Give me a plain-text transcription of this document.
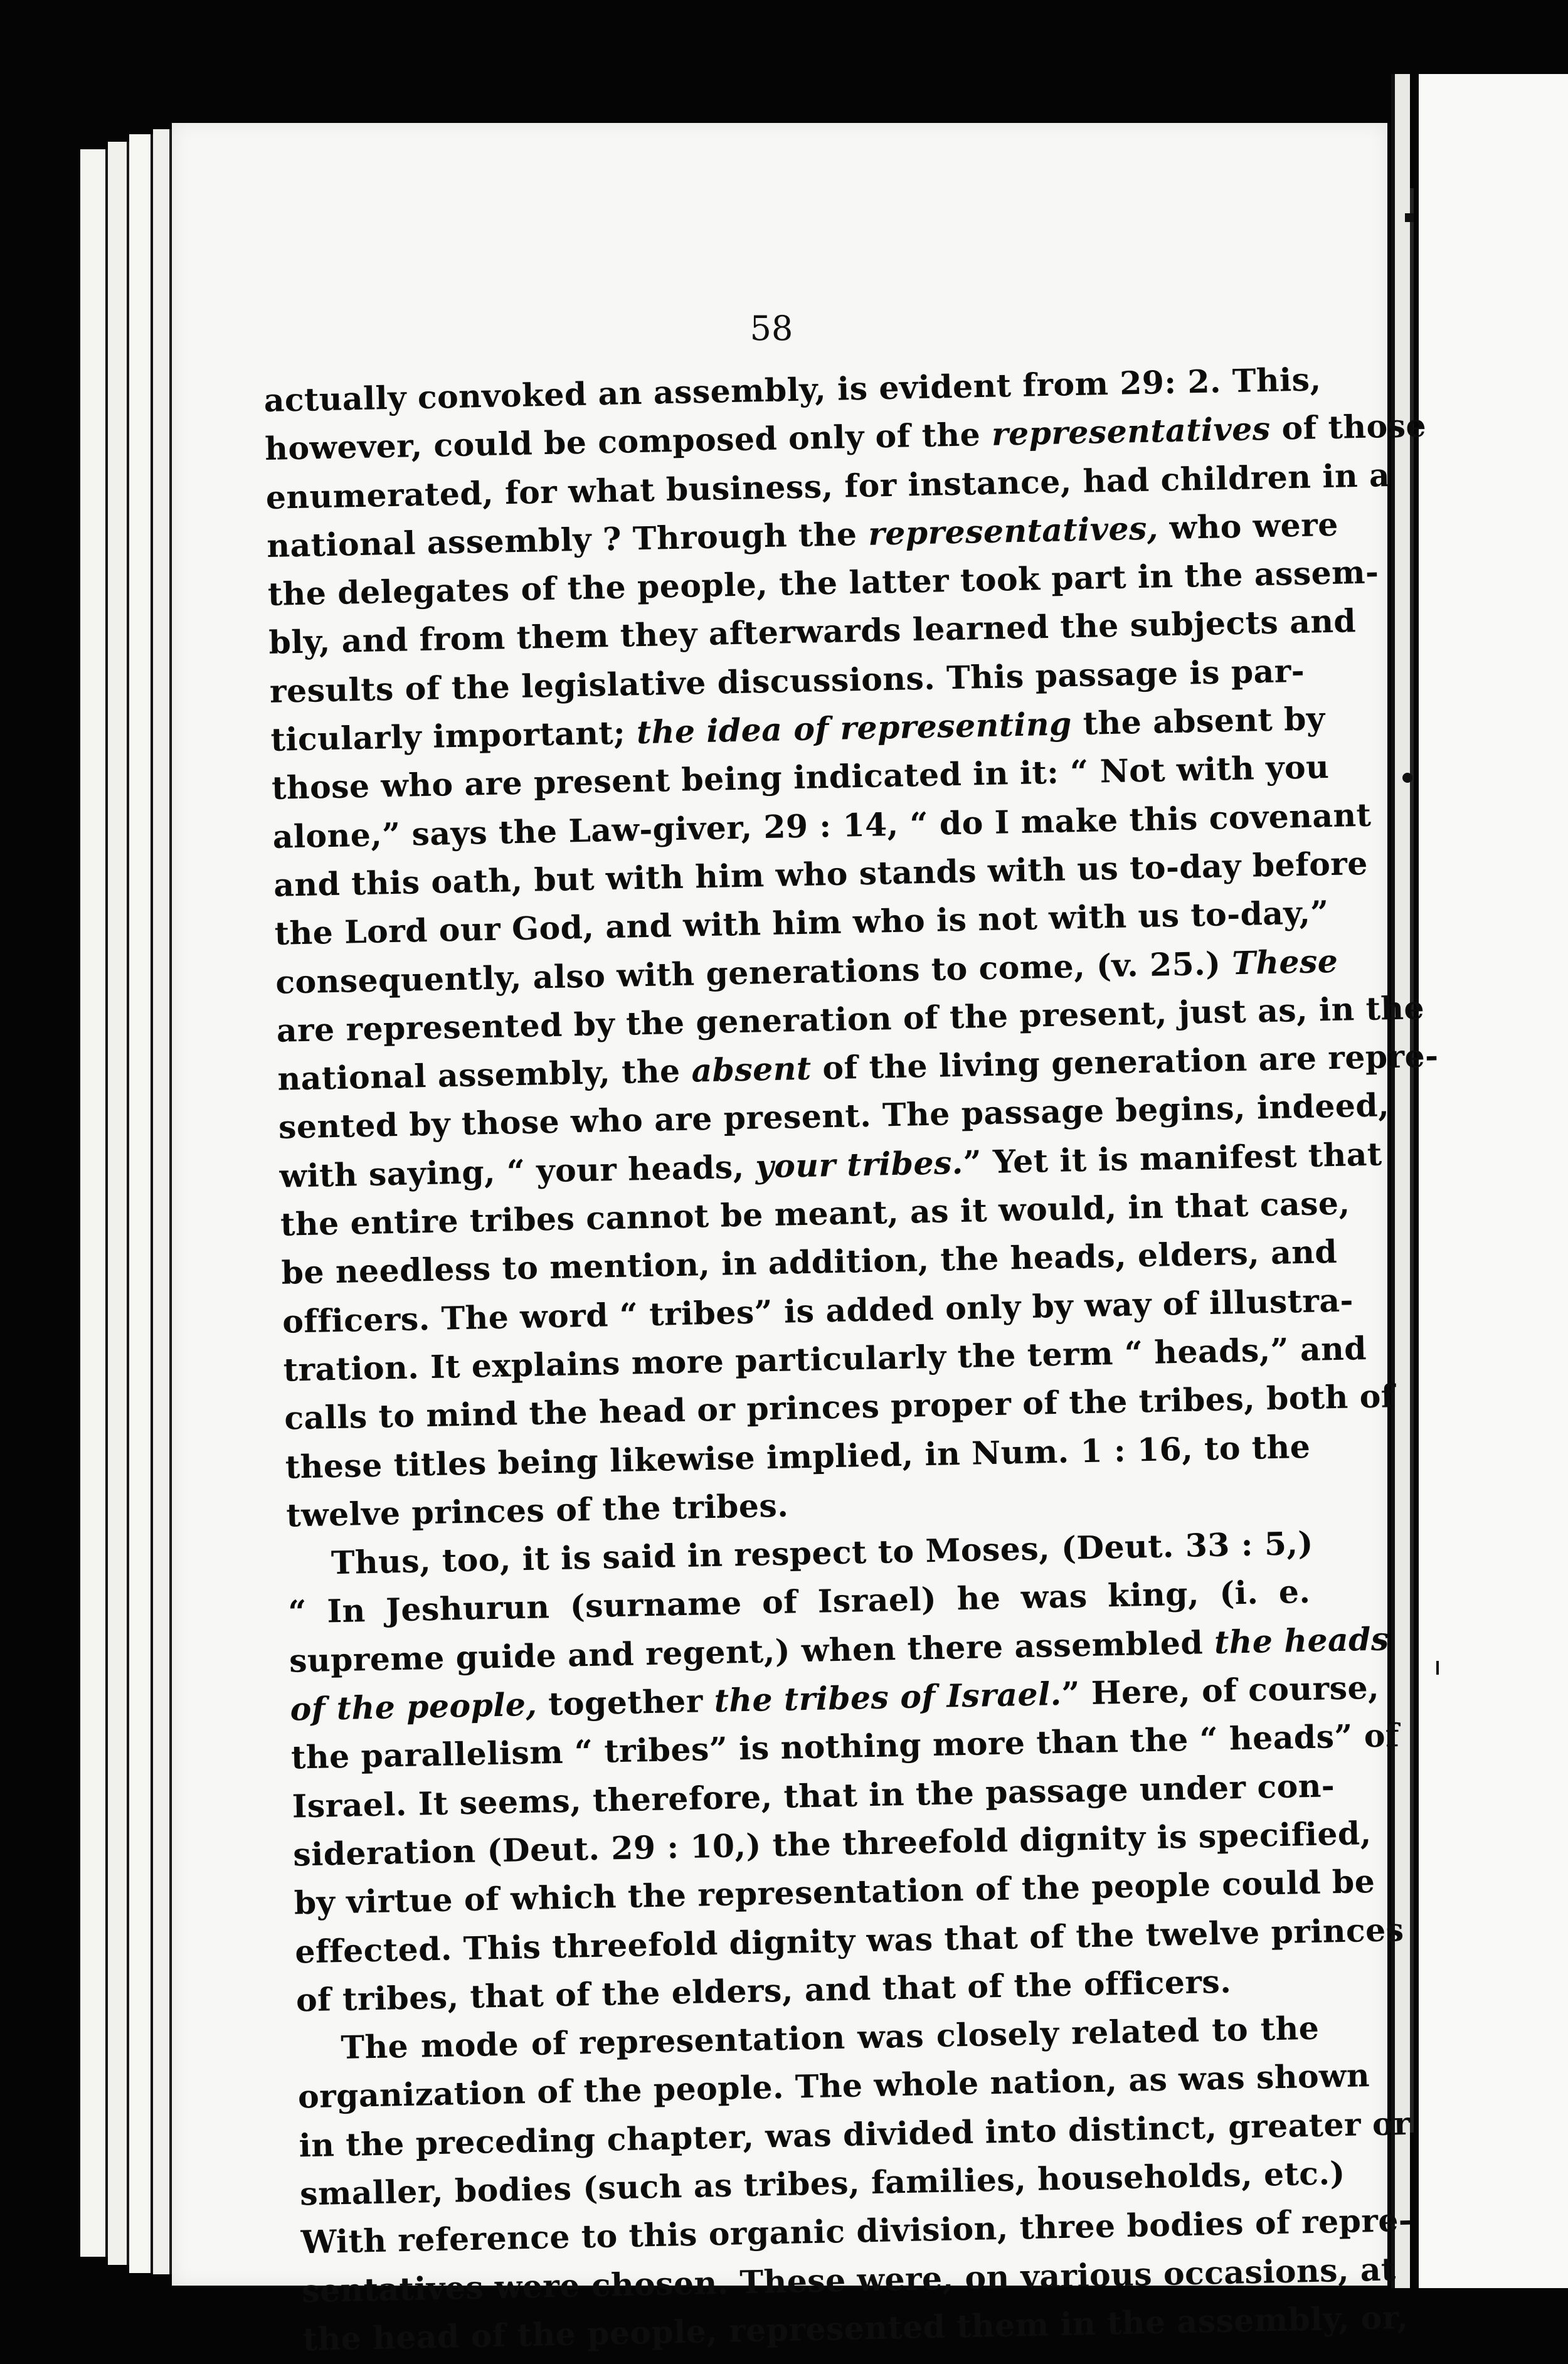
58

actually convoked an assembly, is evident from 29: 2. This,
however, could be composed only of the representatives of those
enumerated, for what business, for instance, had children in a
national assembly ? Through the representatives, who were
the delegates of the people, the latter took part in the assem-
bly, and from them they afterwards learned the subjects and
results of the legislative discussions. This passage is par-
ticularly important; the idea of representing the absent by
those who are present being indicated in it: “ Not with you
alone,” says the Law-giver, 29 : 14, “ do I make this covenant
and this oath, but with him who stands with us to-day before
the Lord our God, and with him who is not with us to-day,”
consequently, also with generations to come, (v. 25.) These
are represented by the generation of the present, just as, in the
national assembly, the absent of the living generation are repre-
sented by those who are present. The passage begins, indeed,
with saying, “ your heads, your tribes.” Yet it is manifest that
the entire tribes cannot be meant, as it would, in that case,
be needless to mention, in addition, the heads, elders, and
officers. The word “ tribes” is added only by way of illustra-
tration. It explains more particularly the term “ heads,” and
calls to mind the head or princes proper of the tribes, both of
these titles being likewise implied, in Num. 1 : 16, to the
twelve princes of the tribes.

Thus, too, it is said in respect to Moses, (Deut. 33 : 5,)
“ In Jeshurun (surname of Israel) he was king, (i. e.
supreme guide and regent,) when there assembled the heads
of the people, together the tribes of Israel.” Here, of course,
the parallelism “ tribes” is nothing more than the “ heads” of
Israel. It seems, therefore, that in the passage under con-
sideration (Deut. 29 : 10,) the threefold dignity is specified,
by virtue of which the representation of the people could be
effected. This threefold dignity was that of the twelve princes
of tribes, that of the elders, and that of the officers.

The mode of representation was closely related to the
organization of the people. The whole nation, as was shown
in the preceding chapter, was divided into distinct, greater or
smaller, bodies (such as tribes, families, households, etc.)
With reference to this organic division, three bodies of repre-
sentatives were chosen. These were, on various occasions, at
the head of the people, represented them in the assembly, or,
